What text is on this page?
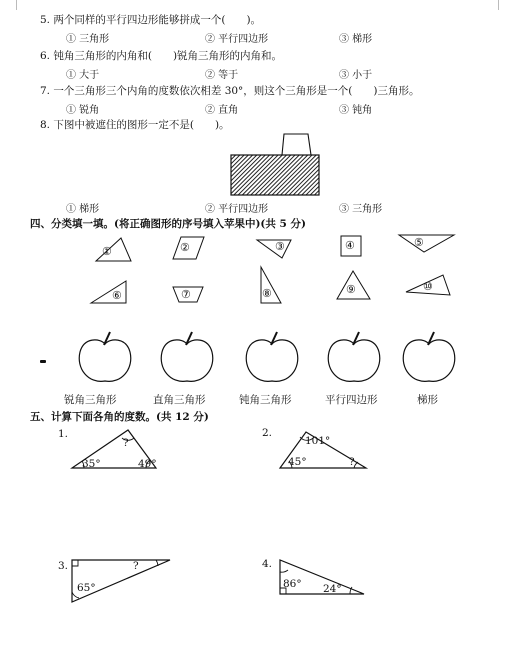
5. 两个同样的平行四边形能够拼成一个(　　)。
① 三角形	② 平行四边形	③ 梯形
6. 钝角三角形的内角和(　　)锐角三角形的内角和。
① 大于	② 等于	③ 小于
7. 一个三角形三个内角的度数依次相差 30°，则这个三角形是一个(　　)三角形。
① 锐角	② 直角	③ 钝角
8. 下图中被遮住的图形一定不是(　　)。
① 梯形	② 平行四边形	③ 三角形
四、分类填一填。(将正确图形的序号填入苹果中)(共 5 分)
①	②	③	④	⑤
⑥	⑦	⑧	⑨	⑩
锐角三角形	直角三角形	钝角三角形	平行四边形	梯形
五、计算下面各角的度数。(共 12 分)
1.
?
35°	49°
2.
101°
45°	?
3.	?
65°
4.
86° 24°
